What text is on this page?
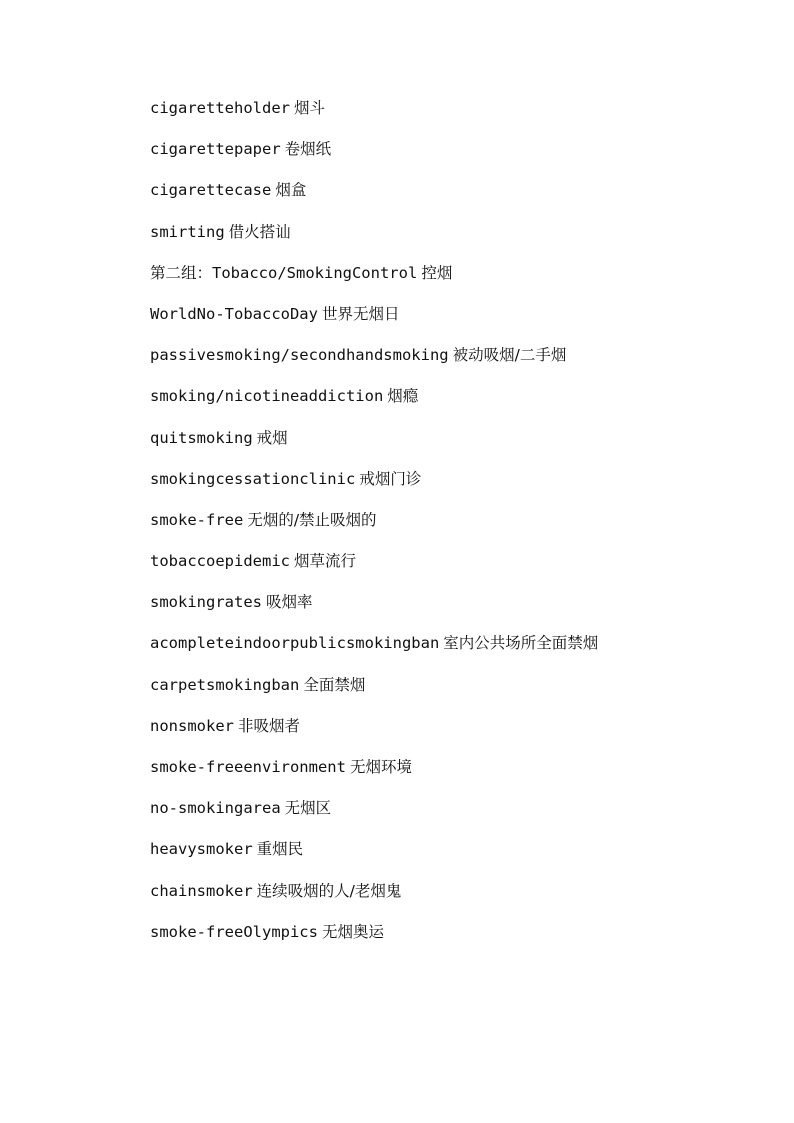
cigaretteholder 烟斗
cigarettepaper 卷烟纸
cigarettecase 烟盒
smirting 借火搭讪
第二组：Tobacco/SmokingControl 控烟
WorldNo-TobaccoDay 世界无烟日
passivesmoking/secondhandsmoking 被动吸烟/二手烟
smoking/nicotineaddiction 烟瘾
quitsmoking 戒烟
smokingcessationclinic 戒烟门诊
smoke-free 无烟的/禁止吸烟的
tobaccoepidemic 烟草流行
smokingrates 吸烟率
acompleteindoorpublicsmokingban 室内公共场所全面禁烟
carpetsmokingban 全面禁烟
nonsmoker 非吸烟者
smoke-freeenvironment 无烟环境
no-smokingarea 无烟区
heavysmoker 重烟民
chainsmoker 连续吸烟的人/老烟鬼
smoke-freeOlympics 无烟奥运
